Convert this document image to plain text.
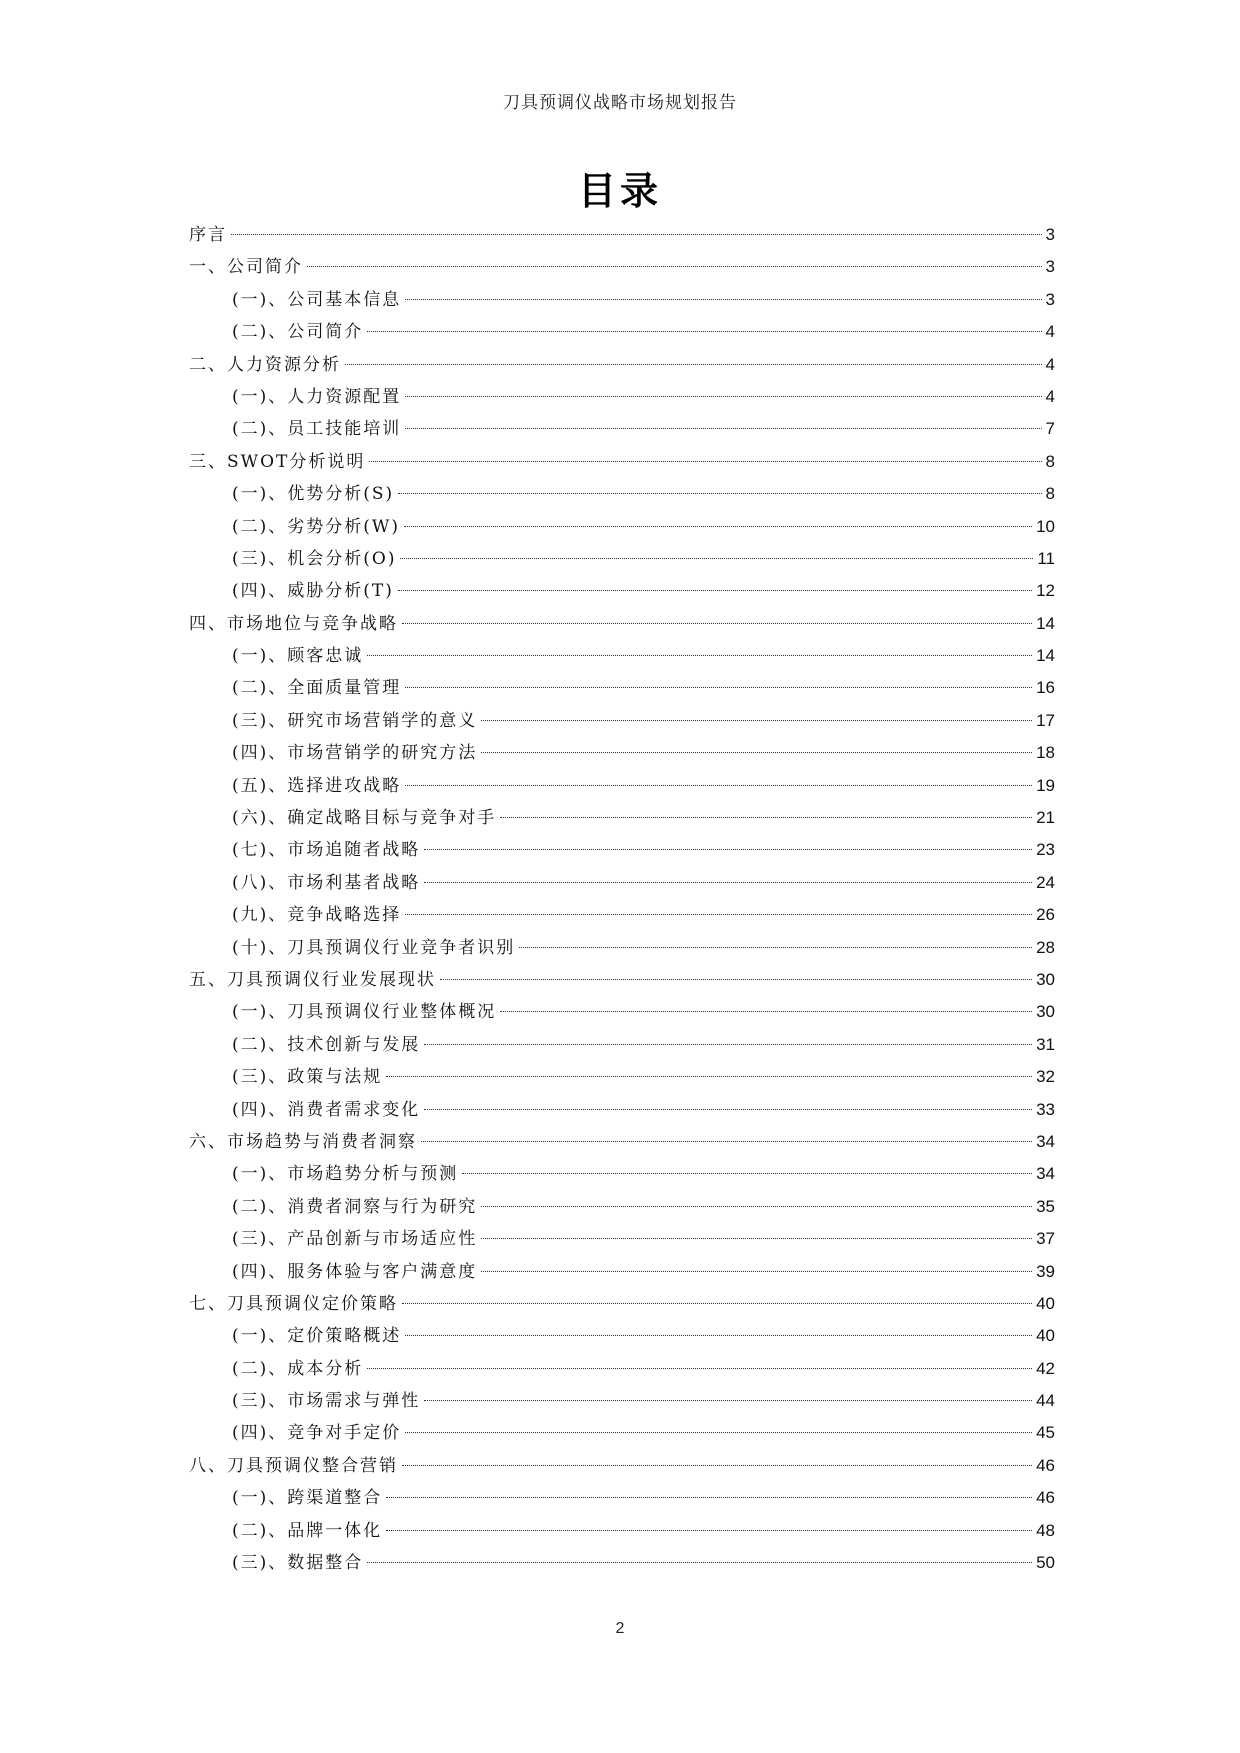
刀具预调仪战略市场规划报告
目录
序言	3
一、公司简介	3
(一)、公司基本信息	3
(二)、公司简介	4
二、人力资源分析	4
(一)、人力资源配置	4
(二)、员工技能培训	7
三、SWOT分析说明	8
(一)、优势分析(S)	8
(二)、劣势分析(W)	10
(三)、机会分析(O)	11
(四)、威胁分析(T)	12
四、市场地位与竞争战略	14
(一)、顾客忠诚	14
(二)、全面质量管理	16
(三)、研究市场营销学的意义	17
(四)、市场营销学的研究方法	18
(五)、选择进攻战略	19
(六)、确定战略目标与竞争对手	21
(七)、市场追随者战略	23
(八)、市场利基者战略	24
(九)、竞争战略选择	26
(十)、刀具预调仪行业竞争者识别	28
五、刀具预调仪行业发展现状	30
(一)、刀具预调仪行业整体概况	30
(二)、技术创新与发展	31
(三)、政策与法规	32
(四)、消费者需求变化	33
六、市场趋势与消费者洞察	34
(一)、市场趋势分析与预测	34
(二)、消费者洞察与行为研究	35
(三)、产品创新与市场适应性	37
(四)、服务体验与客户满意度	39
七、刀具预调仪定价策略	40
(一)、定价策略概述	40
(二)、成本分析	42
(三)、市场需求与弹性	44
(四)、竞争对手定价	45
八、刀具预调仪整合营销	46
(一)、跨渠道整合	46
(二)、品牌一体化	48
(三)、数据整合	50
2
